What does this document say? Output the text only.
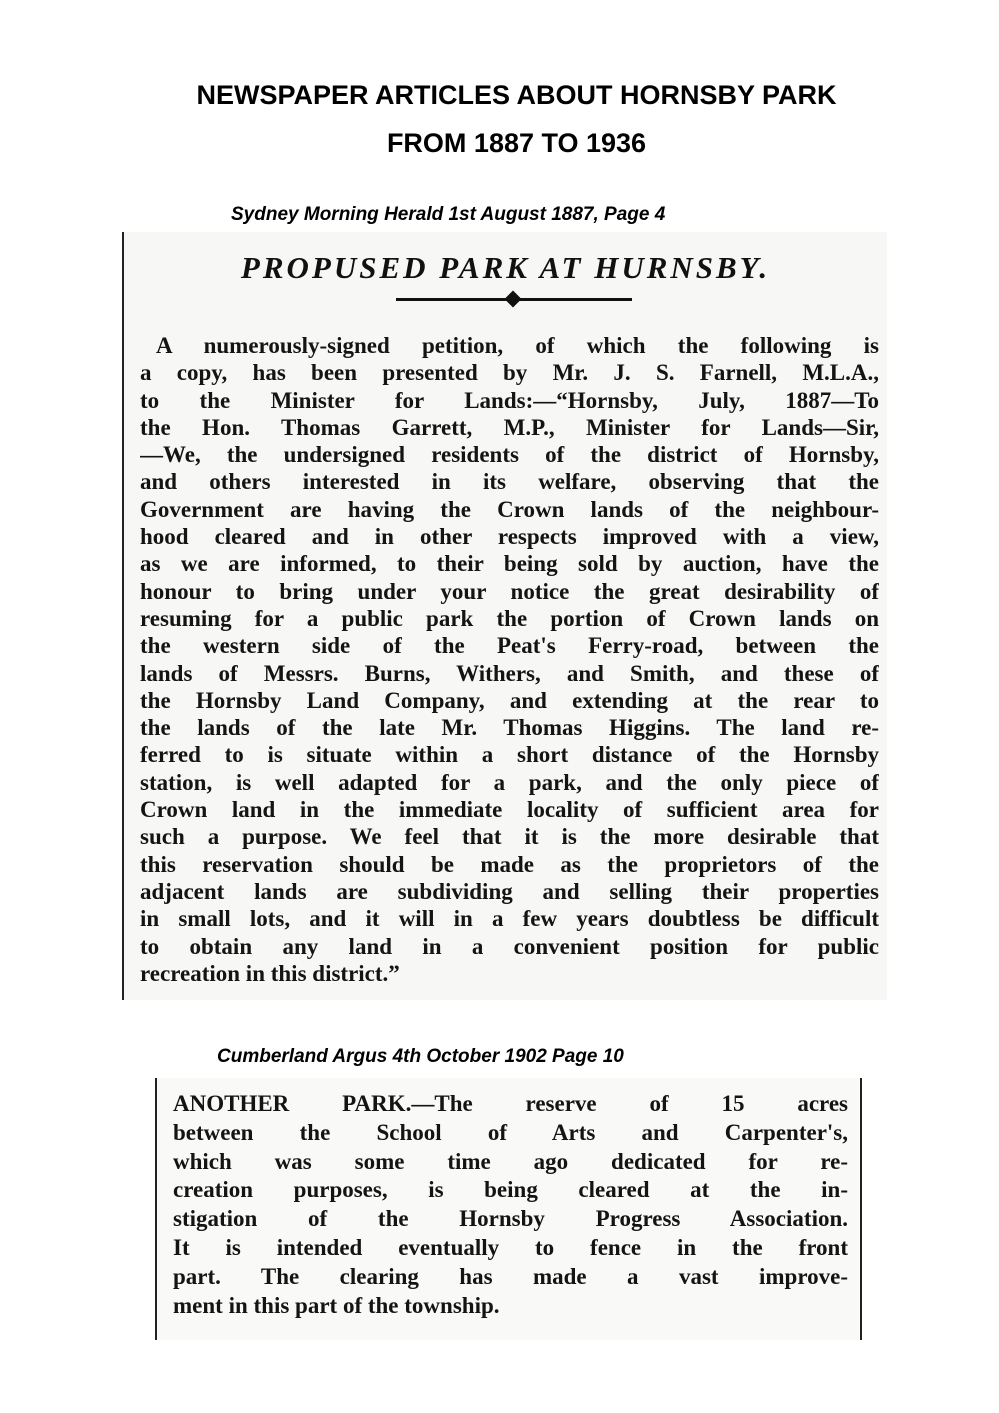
NEWSPAPER ARTICLES ABOUT HORNSBY PARK
FROM 1887 TO 1936
Sydney Morning Herald 1st August 1887, Page 4
PROPUSED PARK AT HURNSBY.
A numerously-signed petition, of which the following is
a copy, has been presented by Mr. J. S. Farnell, M.L.A.,
to the Minister for Lands:—“Hornsby, July, 1887—To
the Hon. Thomas Garrett, M.P., Minister for Lands—Sir,
—We, the undersigned residents of the district of Hornsby,
and others interested in its welfare, observing that the
Government are having the Crown lands of the neighbour-
hood cleared and in other respects improved with a view,
as we are informed, to their being sold by auction, have the
honour to bring under your notice the great desirability of
resuming for a public park the portion of Crown lands on
the western side of the Peat's Ferry-road, between the
lands of Messrs. Burns, Withers, and Smith, and these of
the Hornsby Land Company, and extending at the rear to
the lands of the late Mr. Thomas Higgins. The land re-
ferred to is situate within a short distance of the Hornsby
station, is well adapted for a park, and the only piece of
Crown land in the immediate locality of sufficient area for
such a purpose. We feel that it is the more desirable that
this reservation should be made as the proprietors of the
adjacent lands are subdividing and selling their properties
in small lots, and it will in a few years doubtless be difficult
to obtain any land in a convenient position for public
recreation in this district.”
Cumberland Argus 4th October 1902 Page 10
ANOTHER PARK.—The reserve of 15 acres
between the School of Arts and Carpenter's,
which was some time ago dedicated for re-
creation purposes, is being cleared at the in-
stigation of the Hornsby Progress Association.
It is intended eventually to fence in the front
part. The clearing has made a vast improve-
ment in this part of the township.
